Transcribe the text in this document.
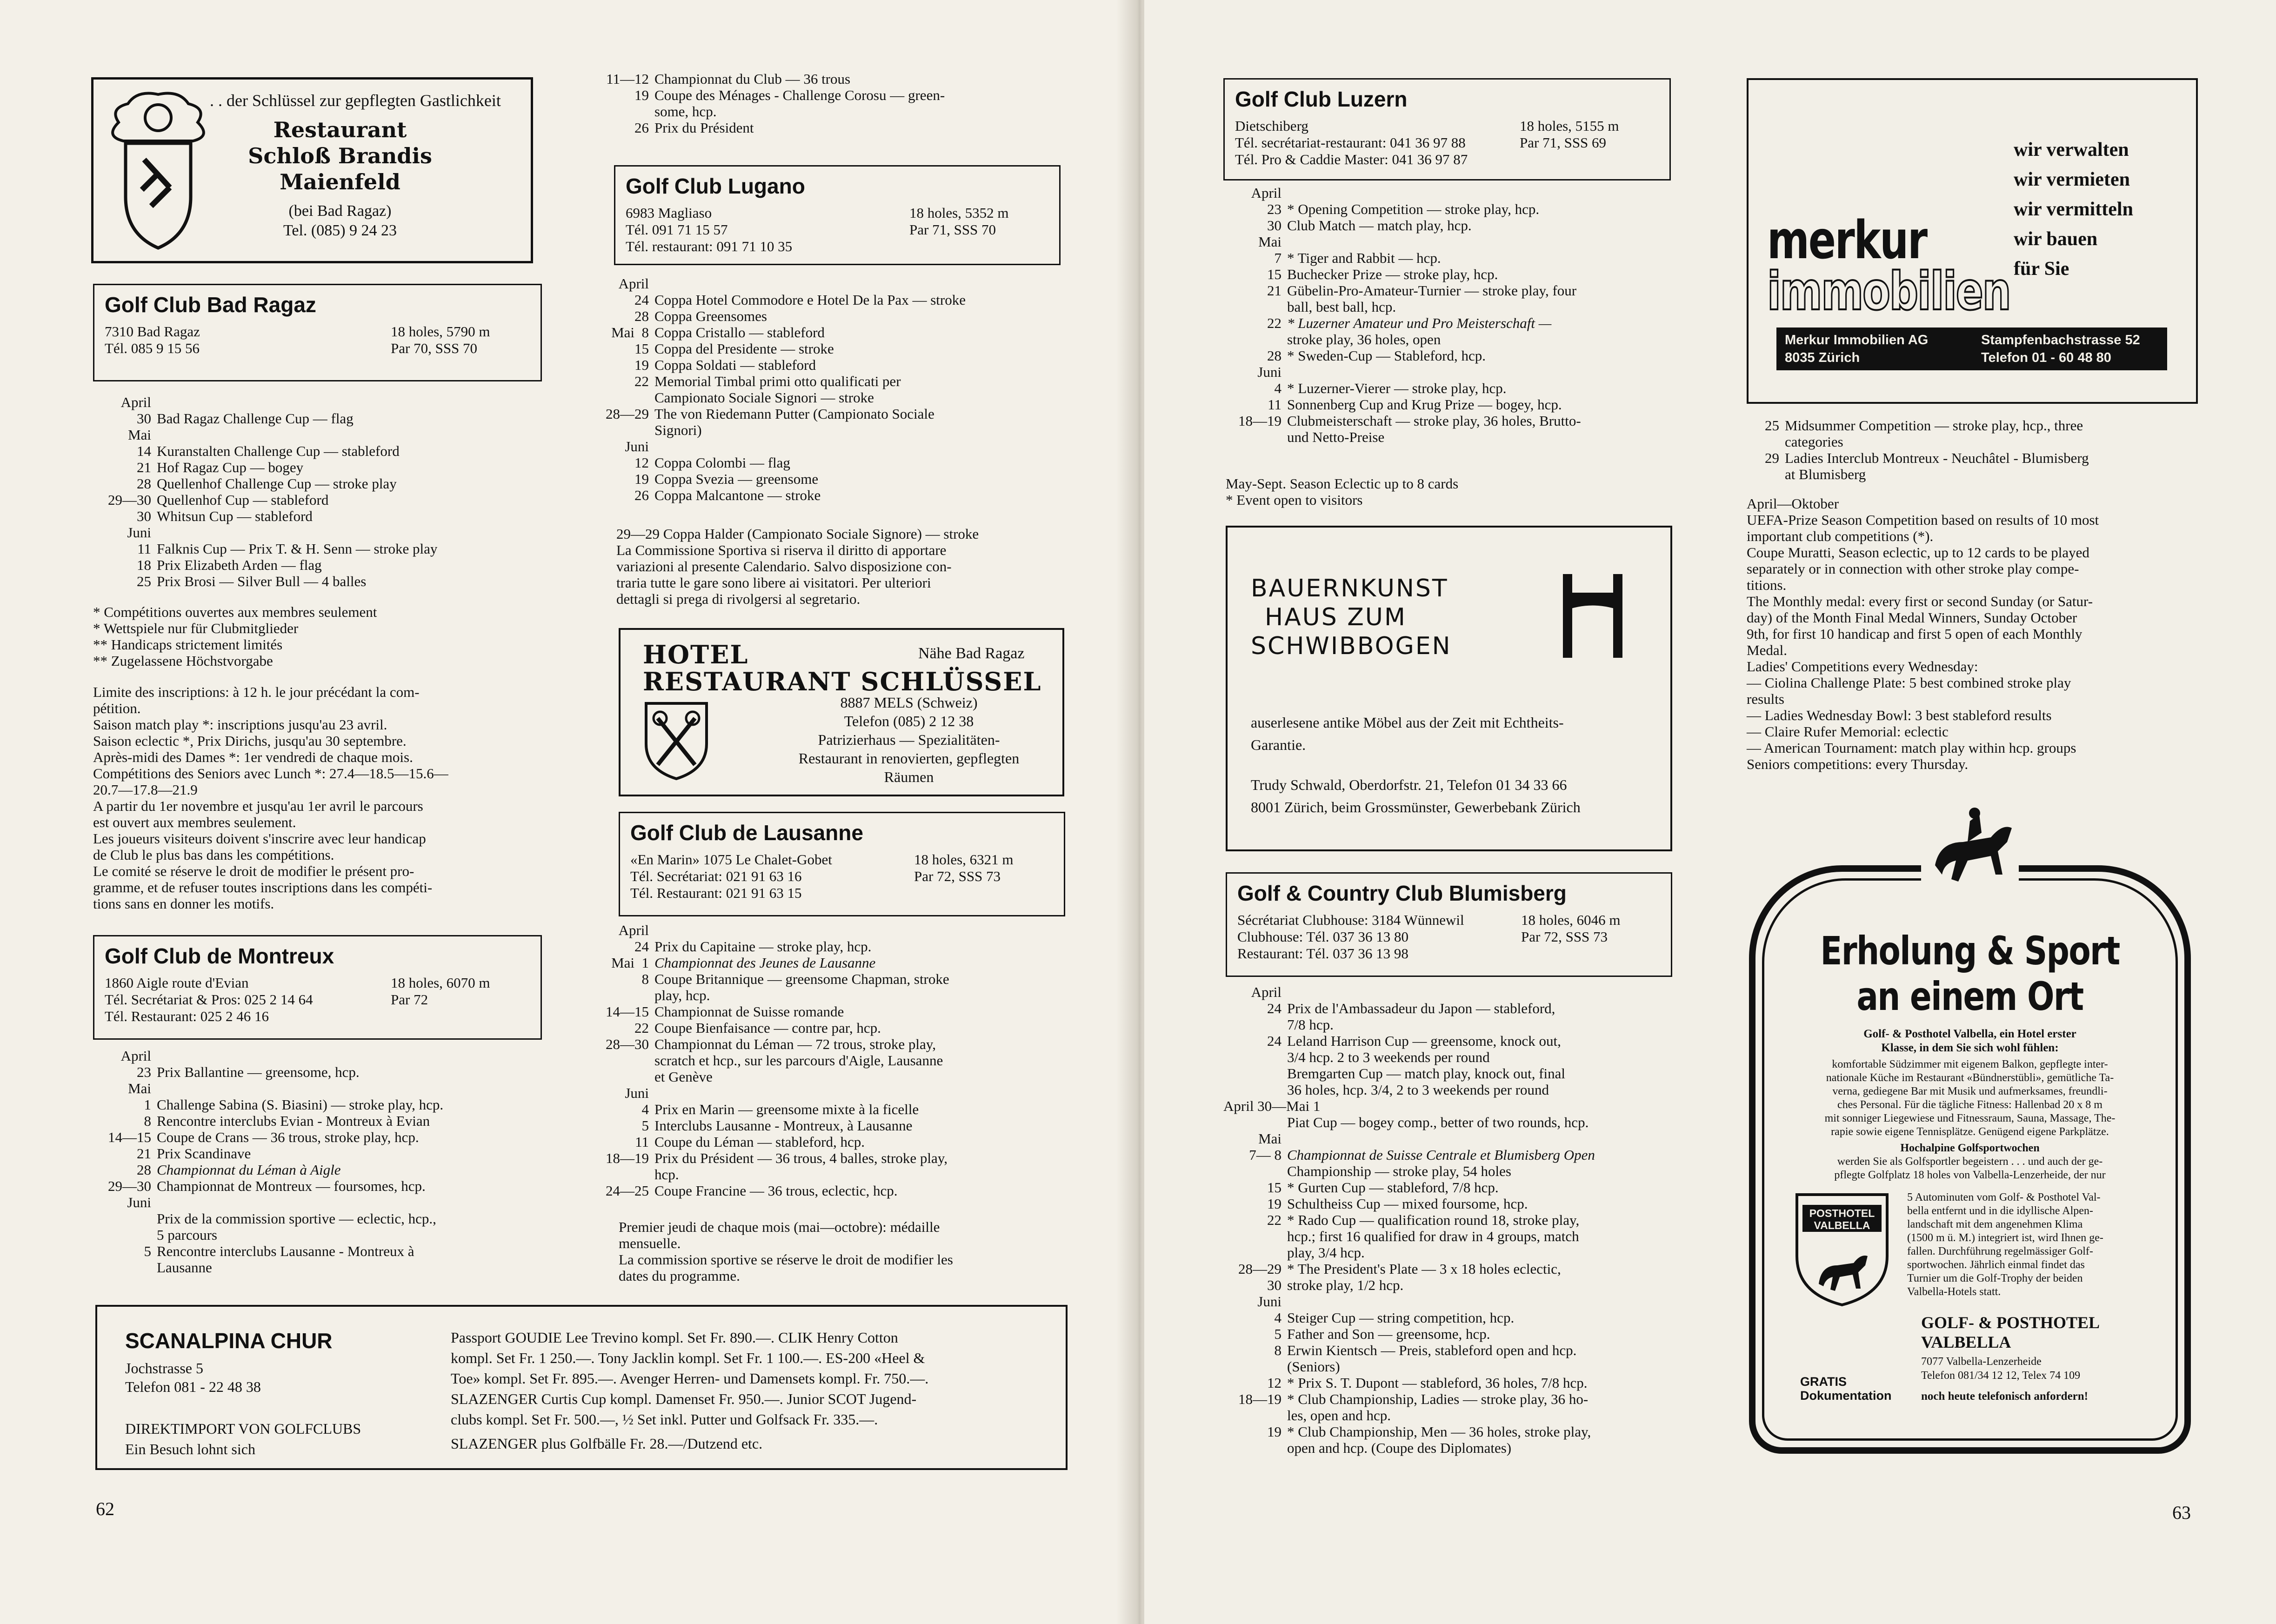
. . der Schlüssel zur gepflegten Gastlichkeit
Restaurant
Schloß Brandis
Maienfeld
(bei Bad Ragaz)
Tel. (085) 9 24 23
Golf Club Bad Ragaz
7310 Bad Ragaz
Tél. 085 9 15 56
18 holes, 5790 m
Par 70, SSS 70
April
30 Bad Ragaz Challenge Cup — flag
Mai
14 Kuranstalten Challenge Cup — stableford
21 Hof Ragaz Cup — bogey
28 Quellenhof Challenge Cup — stroke play
29—30 Quellenhof Cup — stableford
30 Whitsun Cup — stableford
Juni
11 Falknis Cup — Prix T. & H. Senn — stroke play
18 Prix Elizabeth Arden — flag
25 Prix Brosi — Silver Bull — 4 balles
* Compétitions ouvertes aux membres seulement
* Wettspiele nur für Clubmitglieder
** Handicaps strictement limités
** Zugelassene Höchstvorgabe
Limite des inscriptions: à 12 h. le jour précédant la com-
pétition.
Saison match play *: inscriptions jusqu'au 23 avril.
Saison eclectic *, Prix Dirichs, jusqu'au 30 septembre.
Après-midi des Dames *: 1er vendredi de chaque mois.
Compétitions des Seniors avec Lunch *: 27.4—18.5—15.6—
20.7—17.8—21.9
A partir du 1er novembre et jusqu'au 1er avril le parcours
est ouvert aux membres seulement.
Les joueurs visiteurs doivent s'inscrire avec leur handicap
de Club le plus bas dans les compétitions.
Le comité se réserve le droit de modifier le présent pro-
gramme, et de refuser toutes inscriptions dans les compéti-
tions sans en donner les motifs.
Golf Club de Montreux
1860 Aigle route d'Evian
Tél. Secrétariat & Pros: 025 2 14 64
Tél. Restaurant: 025 2 46 16
18 holes, 6070 m
Par 72
April
23 Prix Ballantine — greensome, hcp.
Mai
1 Challenge Sabina (S. Biasini) — stroke play, hcp.
8 Rencontre interclubs Evian - Montreux à Evian
14—15 Coupe de Crans — 36 trous, stroke play, hcp.
21 Prix Scandinave
28 Championnat du Léman à Aigle
29—30 Championnat de Montreux — foursomes, hcp.
Juni
Prix de la commission sportive — eclectic, hcp.,
5 parcours
5 Rencontre interclubs Lausanne - Montreux à
Lausanne
11—12 Championnat du Club — 36 trous
19 Coupe des Ménages - Challenge Corosu — green-
some, hcp.
26 Prix du Président
Golf Club Lugano
6983 Magliaso
Tél. 091 71 15 57
Tél. restaurant: 091 71 10 35
18 holes, 5352 m
Par 71, SSS 70
April
24 Coppa Hotel Commodore e Hotel De la Pax — stroke
28 Coppa Greensomes
Mai  8 Coppa Cristallo — stableford
15 Coppa del Presidente — stroke
19 Coppa Soldati — stableford
22 Memorial Timbal primi otto qualificati per
Campionato Sociale Signori — stroke
28—29 The von Riedemann Putter (Campionato Sociale
Signori)
Juni
12 Coppa Colombi — flag
19 Coppa Svezia — greensome
26 Coppa Malcantone — stroke
29—29 Coppa Halder (Campionato Sociale Signore) — stroke
La Commissione Sportiva si riserva il diritto di apportare
variazioni al presente Calendario. Salvo disposizione con-
traria tutte le gare sono libere ai visitatori. Per ulteriori
dettagli si prega di rivolgersi al segretario.
HOTEL
RESTAURANT SCHLÜSSEL
Nähe Bad Ragaz
8887 MELS (Schweiz)
Telefon (085) 2 12 38
Patrizierhaus — Spezialitäten-
Restaurant in renovierten, gepflegten
Räumen
Golf Club de Lausanne
«En Marin» 1075 Le Chalet-Gobet
Tél. Secrétariat: 021 91 63 16
Tél. Restaurant: 021 91 63 15
18 holes, 6321 m
Par 72, SSS 73
April
24 Prix du Capitaine — stroke play, hcp.
Mai  1 Championnat des Jeunes de Lausanne
8 Coupe Britannique — greensome Chapman, stroke
play, hcp.
14—15 Championnat de Suisse romande
22 Coupe Bienfaisance — contre par, hcp.
28—30 Championnat du Léman — 72 trous, stroke play,
scratch et hcp., sur les parcours d'Aigle, Lausanne
et Genève
Juni
4 Prix en Marin — greensome mixte à la ficelle
5 Interclubs Lausanne - Montreux, à Lausanne
11 Coupe du Léman — stableford, hcp.
18—19 Prix du Président — 36 trous, 4 balles, stroke play,
hcp.
24—25 Coupe Francine — 36 trous, eclectic, hcp.
Premier jeudi de chaque mois (mai—octobre): médaille
mensuelle.
La commission sportive se réserve le droit de modifier les
dates du programme.
SCANALPINA CHUR
Jochstrasse 5
Telefon 081 - 22 48 38
DIREKTIMPORT VON GOLFCLUBS
Ein Besuch lohnt sich
Passport GOUDIE Lee Trevino kompl. Set Fr. 890.—. CLIK Henry Cotton
kompl. Set Fr. 1 250.—. Tony Jacklin kompl. Set Fr. 1 100.—. ES-200 «Heel &
Toe» kompl. Set Fr. 895.—. Avenger Herren- und Damensets kompl. Fr. 750.—.
SLAZENGER Curtis Cup kompl. Damenset Fr. 950.—. Junior SCOT Jugend-
clubs kompl. Set Fr. 500.—, ½ Set inkl. Putter und Golfsack Fr. 335.—.
SLAZENGER plus Golfbälle Fr. 28.—/Dutzend etc.
62
Golf Club Luzern
Dietschiberg
Tél. secrétariat-restaurant: 041 36 97 88
Tél. Pro & Caddie Master: 041 36 97 87
18 holes, 5155 m
Par 71, SSS 69
April
23 * Opening Competition — stroke play, hcp.
30 Club Match — match play, hcp.
Mai
7 * Tiger and Rabbit — hcp.
15 Buchecker Prize — stroke play, hcp.
21 Gübelin-Pro-Amateur-Turnier — stroke play, four
ball, best ball, hcp.
22 * Luzerner Amateur und Pro Meisterschaft —
stroke play, 36 holes, open
28 * Sweden-Cup — Stableford, hcp.
Juni
4 * Luzerner-Vierer — stroke play, hcp.
11 Sonnenberg Cup and Krug Prize — bogey, hcp.
18—19 Clubmeisterschaft — stroke play, 36 holes, Brutto-
und Netto-Preise
May-Sept. Season Eclectic up to 8 cards
* Event open to visitors
BAUERNKUNST
HAUS ZUM
SCHWIBBOGEN
auserlesene antike Möbel aus der Zeit mit Echtheits-
Garantie.
Trudy Schwald, Oberdorfstr. 21, Telefon 01 34 33 66
8001 Zürich, beim Grossmünster, Gewerbebank Zürich
Golf & Country Club Blumisberg
Sécrétariat Clubhouse: 3184 Wünnewil
Clubhouse: Tél. 037 36 13 80
Restaurant: Tél. 037 36 13 98
18 holes, 6046 m
Par 72, SSS 73
April
24 Prix de l'Ambassadeur du Japon — stableford,
7/8 hcp.
24 Leland Harrison Cup — greensome, knock out,
3/4 hcp. 2 to 3 weekends per round
Bremgarten Cup — match play, knock out, final
36 holes, hcp. 3/4, 2 to 3 weekends per round
April 30—Mai 1
Piat Cup — bogey comp., better of two rounds, hcp.
Mai
7— 8 Championnat de Suisse Centrale et Blumisberg Open
Championship — stroke play, 54 holes
15 * Gurten Cup — stableford, 7/8 hcp.
19 Schultheiss Cup — mixed foursome, hcp.
22 * Rado Cup — qualification round 18, stroke play,
hcp.; first 16 qualified for draw in 4 groups, match
play, 3/4 hcp.
28—29 * The President's Plate — 3 x 18 holes eclectic,
30 stroke play, 1/2 hcp.
Juni
4 Steiger Cup — string competition, hcp.
5 Father and Son — greensome, hcp.
8 Erwin Kientsch — Preis, stableford open and hcp.
(Seniors)
12 * Prix S. T. Dupont — stableford, 36 holes, 7/8 hcp.
18—19 * Club Championship, Ladies — stroke play, 36 ho-
les, open and hcp.
19 * Club Championship, Men — 36 holes, stroke play,
open and hcp. (Coupe des Diplomates)
merkur
immobilien
wir verwalten
wir vermieten
wir vermitteln
wir bauen
für Sie
Merkur Immobilien AG
8035 Zürich
Stampfenbachstrasse 52
Telefon 01 - 60 48 80
25 Midsummer Competition — stroke play, hcp., three
categories
29 Ladies Interclub Montreux - Neuchâtel - Blumisberg
at Blumisberg
April—Oktober
UEFA-Prize Season Competition based on results of 10 most
important club competitions (*).
Coupe Muratti, Season eclectic, up to 12 cards to be played
separately or in connection with other stroke play compe-
titions.
The Monthly medal: every first or second Sunday (or Satur-
day) of the Month Final Medal Winners, Sunday October
9th, for first 10 handicap and first 5 open of each Monthly
Medal.
Ladies' Competitions every Wednesday:
— Ciolina Challenge Plate: 5 best combined stroke play
results
— Ladies Wednesday Bowl: 3 best stableford results
— Claire Rufer Memorial: eclectic
— American Tournament: match play within hcp. groups
Seniors competitions: every Thursday.
Erholung & Sport
an einem Ort
Golf- & Posthotel Valbella, ein Hotel erster
Klasse, in dem Sie sich wohl fühlen:
komfortable Südzimmer mit eigenem Balkon, gepflegte inter-
nationale Küche im Restaurant «Bündnerstübli», gemütliche Ta-
verna, gediegene Bar mit Musik und aufmerksames, freundli-
ches Personal. Für die tägliche Fitness: Hallenbad 20 x 8 m
mit sonniger Liegewiese und Fitnessraum, Sauna, Massage, The-
rapie sowie eigene Tennisplätze. Genügend eigene Parkplätze.
Hochalpine Golfsportwochen
werden Sie als Golfsportler begeistern . . . und auch der ge-
pflegte Golfplatz 18 holes von Valbella-Lenzerheide, der nur
POSTHOTEL
VALBELLA
5 Autominuten vom Golf- & Posthotel Val-
bella entfernt und in die idyllische Alpen-
landschaft mit dem angenehmen Klima
(1500 m ü. M.) integriert ist, wird Ihnen ge-
fallen. Durchführung regelmässiger Golf-
sportwochen. Jährlich einmal findet das
Turnier um die Golf-Trophy der beiden
Valbella-Hotels statt.
GOLF- & POSTHOTEL
VALBELLA
7077 Valbella-Lenzerheide
Telefon 081/34 12 12, Telex 74 109
GRATIS
Dokumentation	noch heute telefonisch anfordern!
63
